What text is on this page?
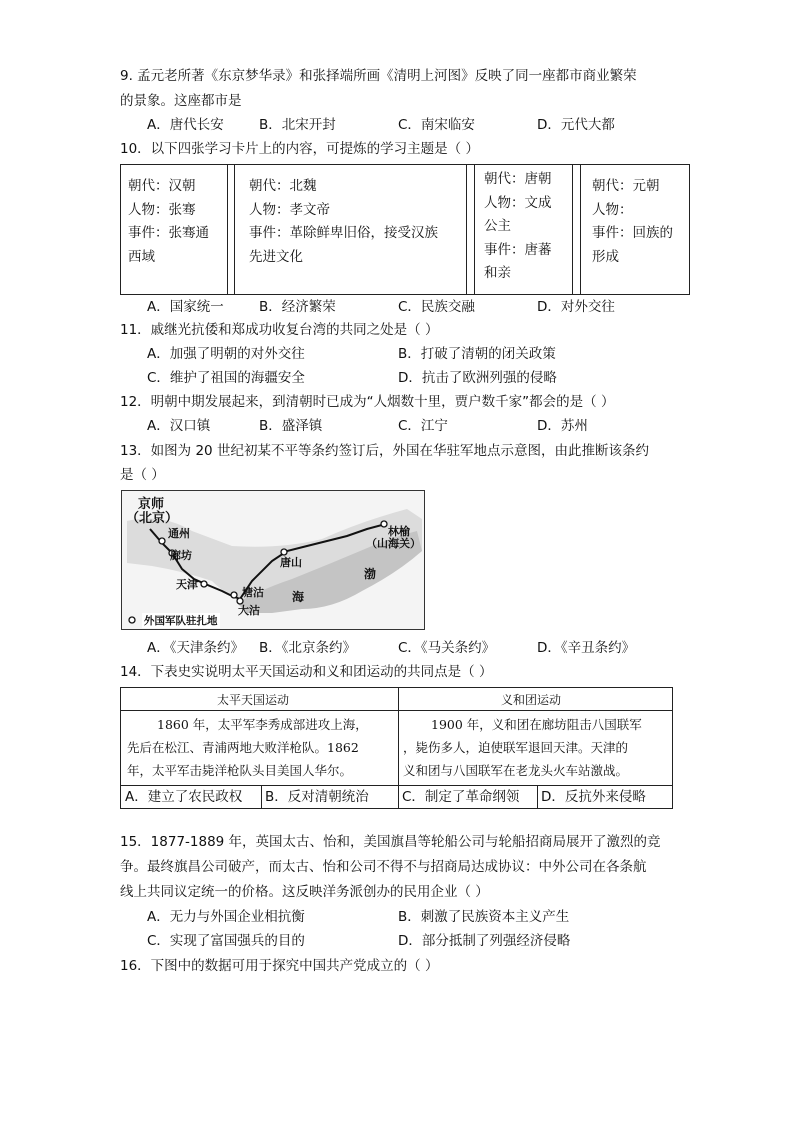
9. 孟元老所著《东京梦华录》和张择端所画《清明上河图》反映了同一座都市商业繁荣
的景象。这座都市是
A．唐代长安	B．北宋开封	C．南宋临安	D．元代大都
10．以下四张学习卡片上的内容，可提炼的学习主题是（ ）
朝代：汉朝
人物：张骞
事件：张骞通
西域
朝代：北魏
人物：孝文帝
事件：革除鲜卑旧俗，接受汉族
先进文化
朝代：唐朝
人物：文成
公主
事件：唐蕃
和亲
朝代：元朝
人物：
事件：回族的
形成
A．国家统一	B．经济繁荣	C．民族交融	D．对外交往
11．戚继光抗倭和郑成功收复台湾的共同之处是（ ）
A．加强了明朝的对外交往	B．打破了清朝的闭关政策
C．维护了祖国的海疆安全	D．抗击了欧洲列强的侵略
12．明朝中期发展起来，到清朝时已成为“人烟数十里，贾户数千家”都会的是（ ）
A．汉口镇	B．盛泽镇	C．江宁	D．苏州
13．如图为 20 世纪初某不平等条约签订后，外国在华驻军地点示意图，由此推断该条约
是（ ）
京师
（北京）
通州
廊坊
天津
塘沽
大沽
唐山
林榆
（山海关）
渤
海
外国军队驻扎地
A．《天津条约》 B．《北京条约》	C．《马关条约》	D．《辛丑条约》
14．下表史实说明太平天国运动和义和团运动的共同点是（ ）
太平天国运动	义和团运动
1860 年，太平军李秀成部进攻上海，
先后在松江、青浦两地大败洋枪队。1862
年，太平军击毙洋枪队头目美国人华尔。
1900 年，义和团在廊坊阻击八国联军
，毙伤多人，迫使联军退回天津。天津的
义和团与八国联军在老龙头火车站激战。
A．建立了农民政权 B．反对清朝统治 C．制定了革命纲领 D．反抗外来侵略
15．1877-1889 年，英国太古、怡和，美国旗昌等轮船公司与轮船招商局展开了激烈的竞
争。最终旗昌公司破产，而太古、怡和公司不得不与招商局达成协议：中外公司在各条航
线上共同议定统一的价格。这反映洋务派创办的民用企业（ ）
A．无力与外国企业相抗衡	B．刺激了民族资本主义产生
C．实现了富国强兵的目的	D．部分抵制了列强经济侵略
16．下图中的数据可用于探究中国共产党成立的（ ）
